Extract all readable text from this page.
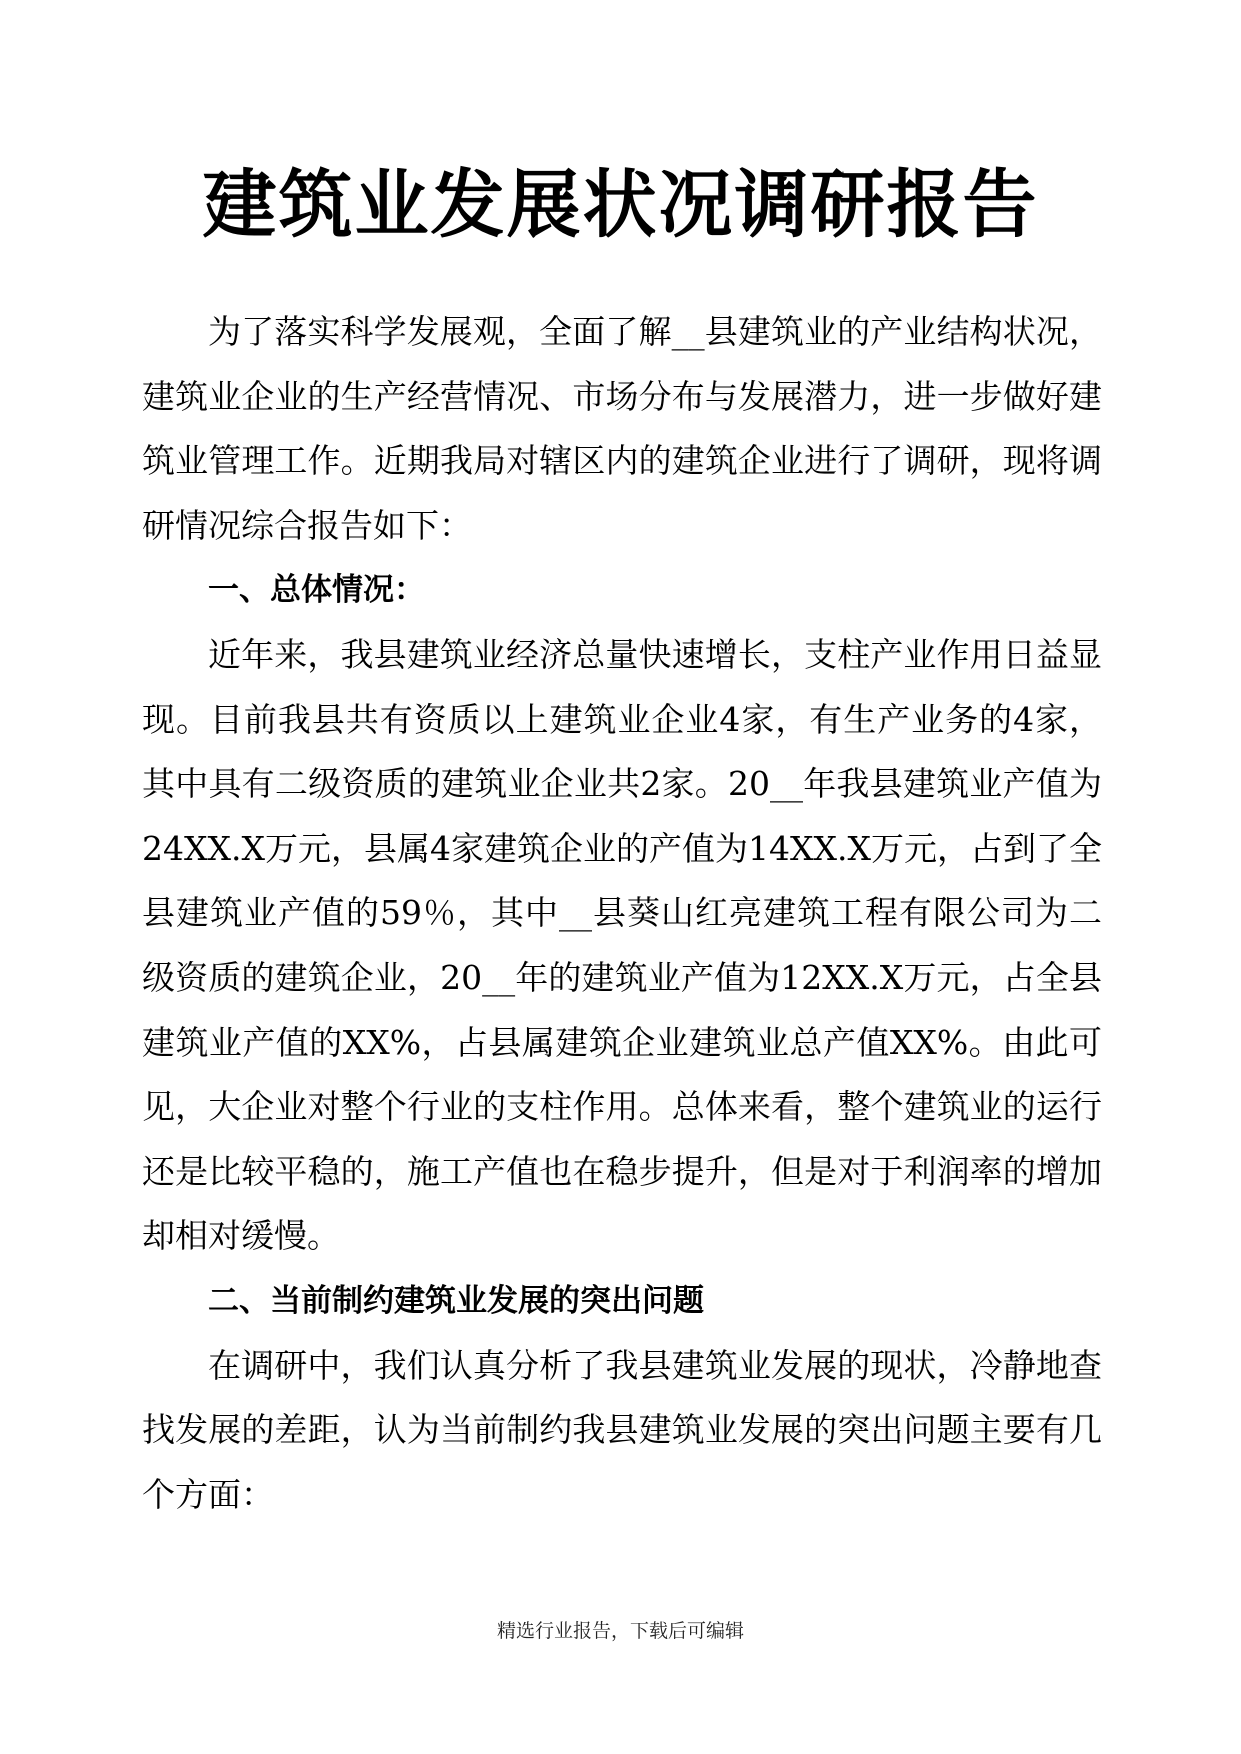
建筑业发展状况调研报告

为了落实科学发展观，全面了解__县建筑业的产业结构状况，建筑业企业的生产经营情况、市场分布与发展潜力，进一步做好建筑业管理工作。近期我局对辖区内的建筑企业进行了调研，现将调研情况综合报告如下：

一、总体情况：

近年来，我县建筑业经济总量快速增长，支柱产业作用日益显现。目前我县共有资质以上建筑业企业4家，有生产业务的4家，其中具有二级资质的建筑业企业共2家。20__年我县建筑业产值为24XX.X万元，县属4家建筑企业的产值为14XX.X万元，占到了全县建筑业产值的59％，其中__县葵山红亮建筑工程有限公司为二级资质的建筑企业，20__年的建筑业产值为12XX.X万元，占全县建筑业产值的XX%，占县属建筑企业建筑业总产值XX%。由此可见，大企业对整个行业的支柱作用。总体来看，整个建筑业的运行还是比较平稳的，施工产值也在稳步提升，但是对于利润率的增加却相对缓慢。

二、当前制约建筑业发展的突出问题

在调研中，我们认真分析了我县建筑业发展的现状，冷静地查找发展的差距，认为当前制约我县建筑业发展的突出问题主要有几个方面：

精选行业报告，下载后可编辑
